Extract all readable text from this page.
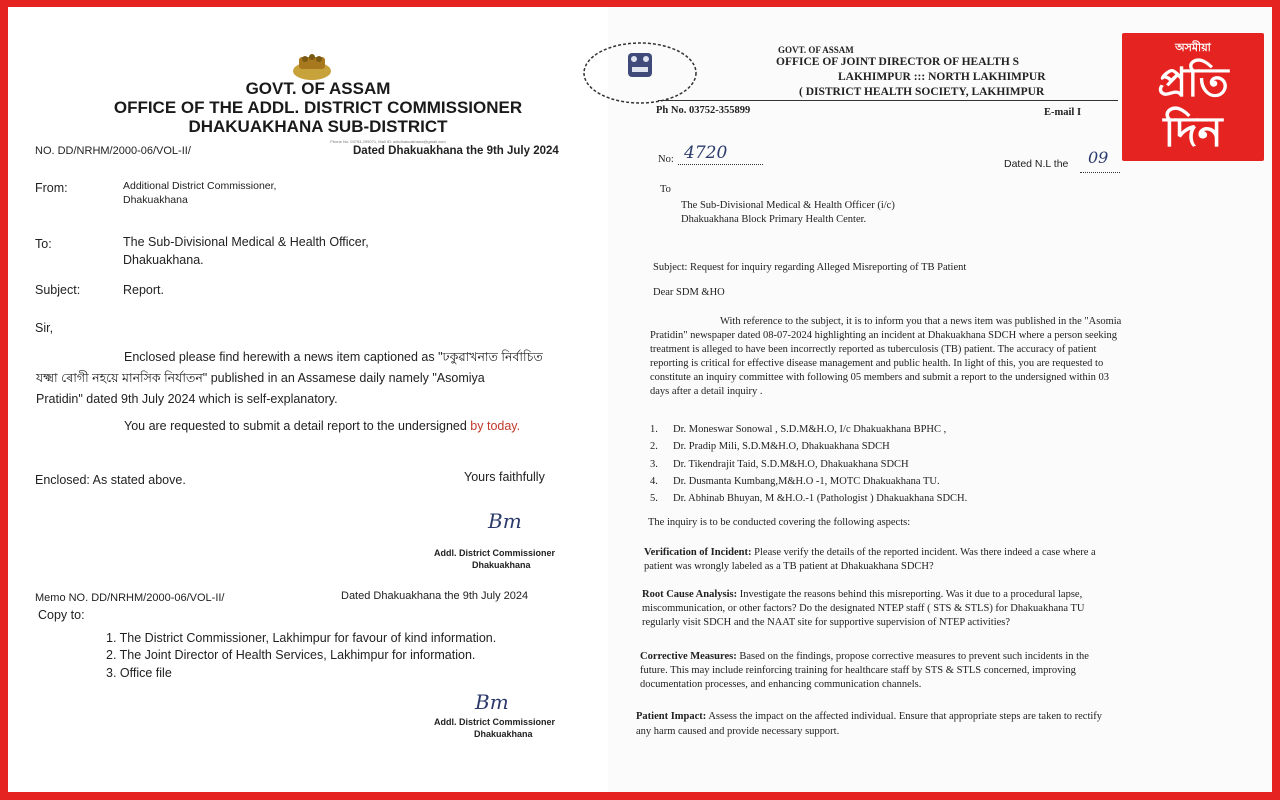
GOVT. OF ASSAM
OFFICE OF THE ADDL. DISTRICT COMMISSIONER
DHAKUAKHANA SUB-DISTRICT
Phone No. 03753-299071, Mail ID: adcdhakuakhana@gmail.com
NO. DD/NRHM/2000-06/VOL-II/	Dated Dhakuakhana the 9th July 2024
From:	Additional District Commissioner,
Dhakuakhana
To:	The Sub-Divisional Medical & Health Officer,
Dhakuakhana.
Subject:	Report.
Sir,
Enclosed please find herewith a news item captioned as "ঢকুৱাখনাত নিৰ্বাচিত
যক্ষ্মা ৰোগী নহয়ে মানসিক নিৰ্যাতন" published in an Assamese daily namely "Asomiya
Pratidin" dated 9th July 2024 which is self-explanatory.
You are requested to submit a detail report to the undersigned by today.
Enclosed: As stated above.	Yours faithfully
Bm
Addl. District Commissioner
Dhakuakhana
Memo NO. DD/NRHM/2000-06/VOL-II/	Dated Dhakuakhana the 9th July 2024
Copy to:
1. The District Commissioner, Lakhimpur for favour of kind information.
2. The Joint Director of Health Services, Lakhimpur for information.
3. Office file
Bm
Addl. District Commissioner
Dhakuakhana
GOVT. OF ASSAM
OFFICE OF JOINT DIRECTOR OF HEALTH S
LAKHIMPUR ::: NORTH LAKHIMPUR
( DISTRICT HEALTH SOCIETY, LAKHIMPUR
Ph No. 03752-355899	E-mail I
No: 4720
Dated N.L the 09
To
The Sub-Divisional Medical & Health Officer (i/c)
Dhakuakhana Block Primary Health Center.
Subject: Request for inquiry regarding Alleged Misreporting of TB Patient
Dear SDM &HO
With reference to the subject, it is to inform you that a news item was published in the "Asomia
Pratidin" newspaper dated 08-07-2024 highlighting an incident at Dhakuakhana SDCH where a person seeking
treatment is alleged to have been incorrectly reported as tuberculosis (TB) patient. The accuracy of patient
reporting is critical for effective disease management and public health. In light of this, you are requested to
constitute an inquiry committee with following 05 members and submit a report to the undersigned within 03
days after a detail inquiry .
1. Dr. Moneswar Sonowal , S.D.M&H.O, I/c Dhakuakhana BPHC ,
2. Dr. Pradip Mili, S.D.M&H.O, Dhakuakhana SDCH
3. Dr. Tikendrajit Taid, S.D.M&H.O, Dhakuakhana SDCH
4. Dr. Dusmanta Kumbang,M&H.O -1, MOTC Dhakuakhana TU.
5. Dr. Abhinab Bhuyan, M &H.O.-1 (Pathologist ) Dhakuakhana SDCH.
The inquiry is to be conducted covering the following aspects:
Verification of Incident: Please verify the details of the reported incident. Was there indeed a case where a
patient was wrongly labeled as a TB patient at Dhakuakhana SDCH?
Root Cause Analysis: Investigate the reasons behind this misreporting. Was it due to a procedural lapse,
miscommunication, or other factors? Do the designated NTEP staff ( STS & STLS) for Dhakuakhana TU
regularly visit SDCH and the NAAT site for supportive supervision of NTEP activities?
Corrective Measures: Based on the findings, propose corrective measures to prevent such incidents in the
future. This may include reinforcing training for healthcare staff by STS & STLS concerned, improving
documentation processes, and enhancing communication channels.
Patient Impact: Assess the impact on the affected individual. Ensure that appropriate steps are taken to rectify
any harm caused and provide necessary support.
অসমীয়া
প্ৰতি
দিন
